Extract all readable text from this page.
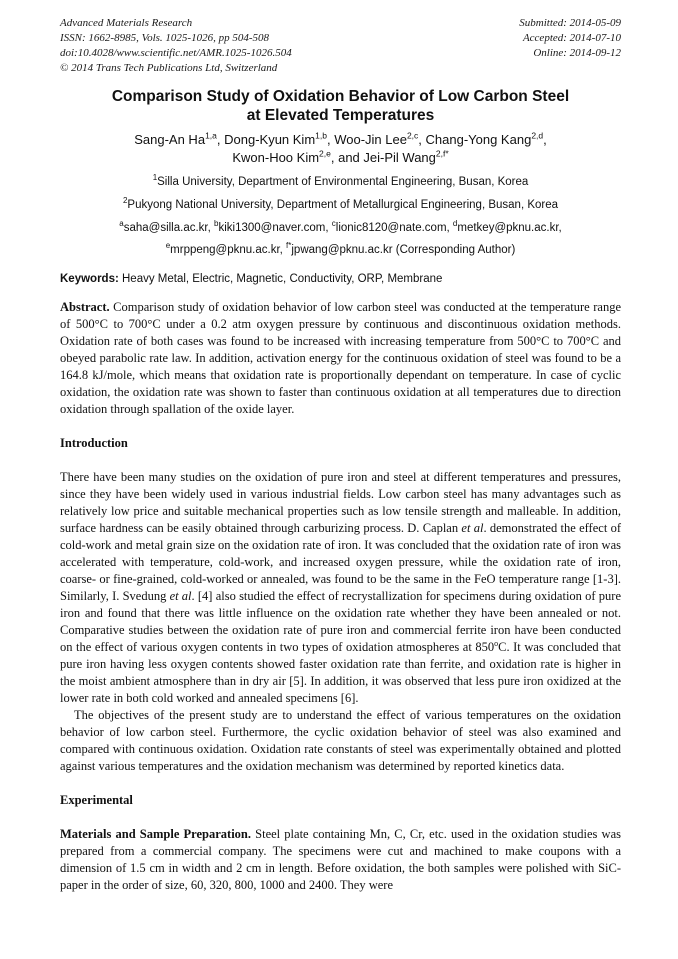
Advanced Materials Research
ISSN: 1662-8985, Vols. 1025-1026, pp 504-508
doi:10.4028/www.scientific.net/AMR.1025-1026.504
© 2014 Trans Tech Publications Ltd, Switzerland
Submitted: 2014-05-09
Accepted: 2014-07-10
Online: 2014-09-12
Comparison Study of Oxidation Behavior of Low Carbon Steel
at Elevated Temperatures
Sang-An Ha$^{1,a}$, Dong-Kyun Kim$^{1,b}$, Woo-Jin Lee$^{2,c}$, Chang-Yong Kang$^{2,d}$,
Kwon-Hoo Kim$^{2,e}$, and Jei-Pil Wang$^{2,f*}$
$^1$Silla University, Department of Environmental Engineering, Busan, Korea
$^2$Pukyong National University, Department of Metallurgical Engineering, Busan, Korea
$^a$saha@silla.ac.kr, $^b$kiki1300@naver.com, $^c$lionic8120@nate.com, $^d$metkey@pknu.ac.kr,
$^e$mrppeng@pknu.ac.kr, $^{f*}$jpwang@pknu.ac.kr (Corresponding Author)
Keywords: Heavy Metal, Electric, Magnetic, Conductivity, ORP, Membrane

Abstract. Comparison study of oxidation behavior of low carbon steel was conducted at the temperature range of 500°C to 700°C under a 0.2 atm oxygen pressure by continuous and discontinuous oxidation methods. Oxidation rate of both cases was found to be increased with increasing temperature from 500°C to 700°C and obeyed parabolic rate law. In addition, activation energy for the continuous oxidation of steel was found to be a 164.8 kJ/mole, which means that oxidation rate is proportionally dependant on temperature. In case of cyclic oxidation, the oxidation rate was shown to faster than continuous oxidation at all temperatures due to direction oxidation through spallation of the oxide layer.

Introduction

There have been many studies on the oxidation of pure iron and steel at different temperatures and pressures, since they have been widely used in various industrial fields. Low carbon steel has many advantages such as relatively low price and suitable mechanical properties such as low tensile strength and malleable. In addition, surface hardness can be easily obtained through carburizing process. D. Caplan et al. demonstrated the effect of cold-work and metal grain size on the oxidation rate of iron. It was concluded that the oxidation rate of iron was accelerated with temperature, cold-work, and increased oxygen pressure, while the oxidation rate of iron, coarse- or fine-grained, cold-worked or annealed, was found to be the same in the FeO temperature range [1-3]. Similarly, I. Svedung et al. [4] also studied the effect of recrystallization for specimens during oxidation of pure iron and found that there was little influence on the oxidation rate whether they have been annealed or not. Comparative studies between the oxidation rate of pure iron and commercial ferrite iron have been conducted on the effect of various oxygen contents in two types of oxidation atmospheres at 850$^o$C. It was concluded that pure iron having less oxygen contents showed faster oxidation rate than ferrite, and oxidation rate is higher in the moist ambient atmosphere than in dry air [5]. In addition, it was observed that less pure iron oxidized at the lower rate in both cold worked and annealed specimens [6].

The objectives of the present study are to understand the effect of various temperatures on the oxidation behavior of low carbon steel. Furthermore, the cyclic oxidation behavior of steel was also examined and compared with continuous oxidation. Oxidation rate constants of steel was experimentally obtained and plotted against various temperatures and the oxidation mechanism was determined by reported kinetics data.

Experimental

Materials and Sample Preparation. Steel plate containing Mn, C, Cr, etc. used in the oxidation studies was prepared from a commercial company. The specimens were cut and machined to make coupons with a dimension of 1.5 cm in width and 2 cm in length. Before oxidation, the both samples were polished with SiC-paper in the order of size, 60, 320, 800, 1000 and 2400. They were
